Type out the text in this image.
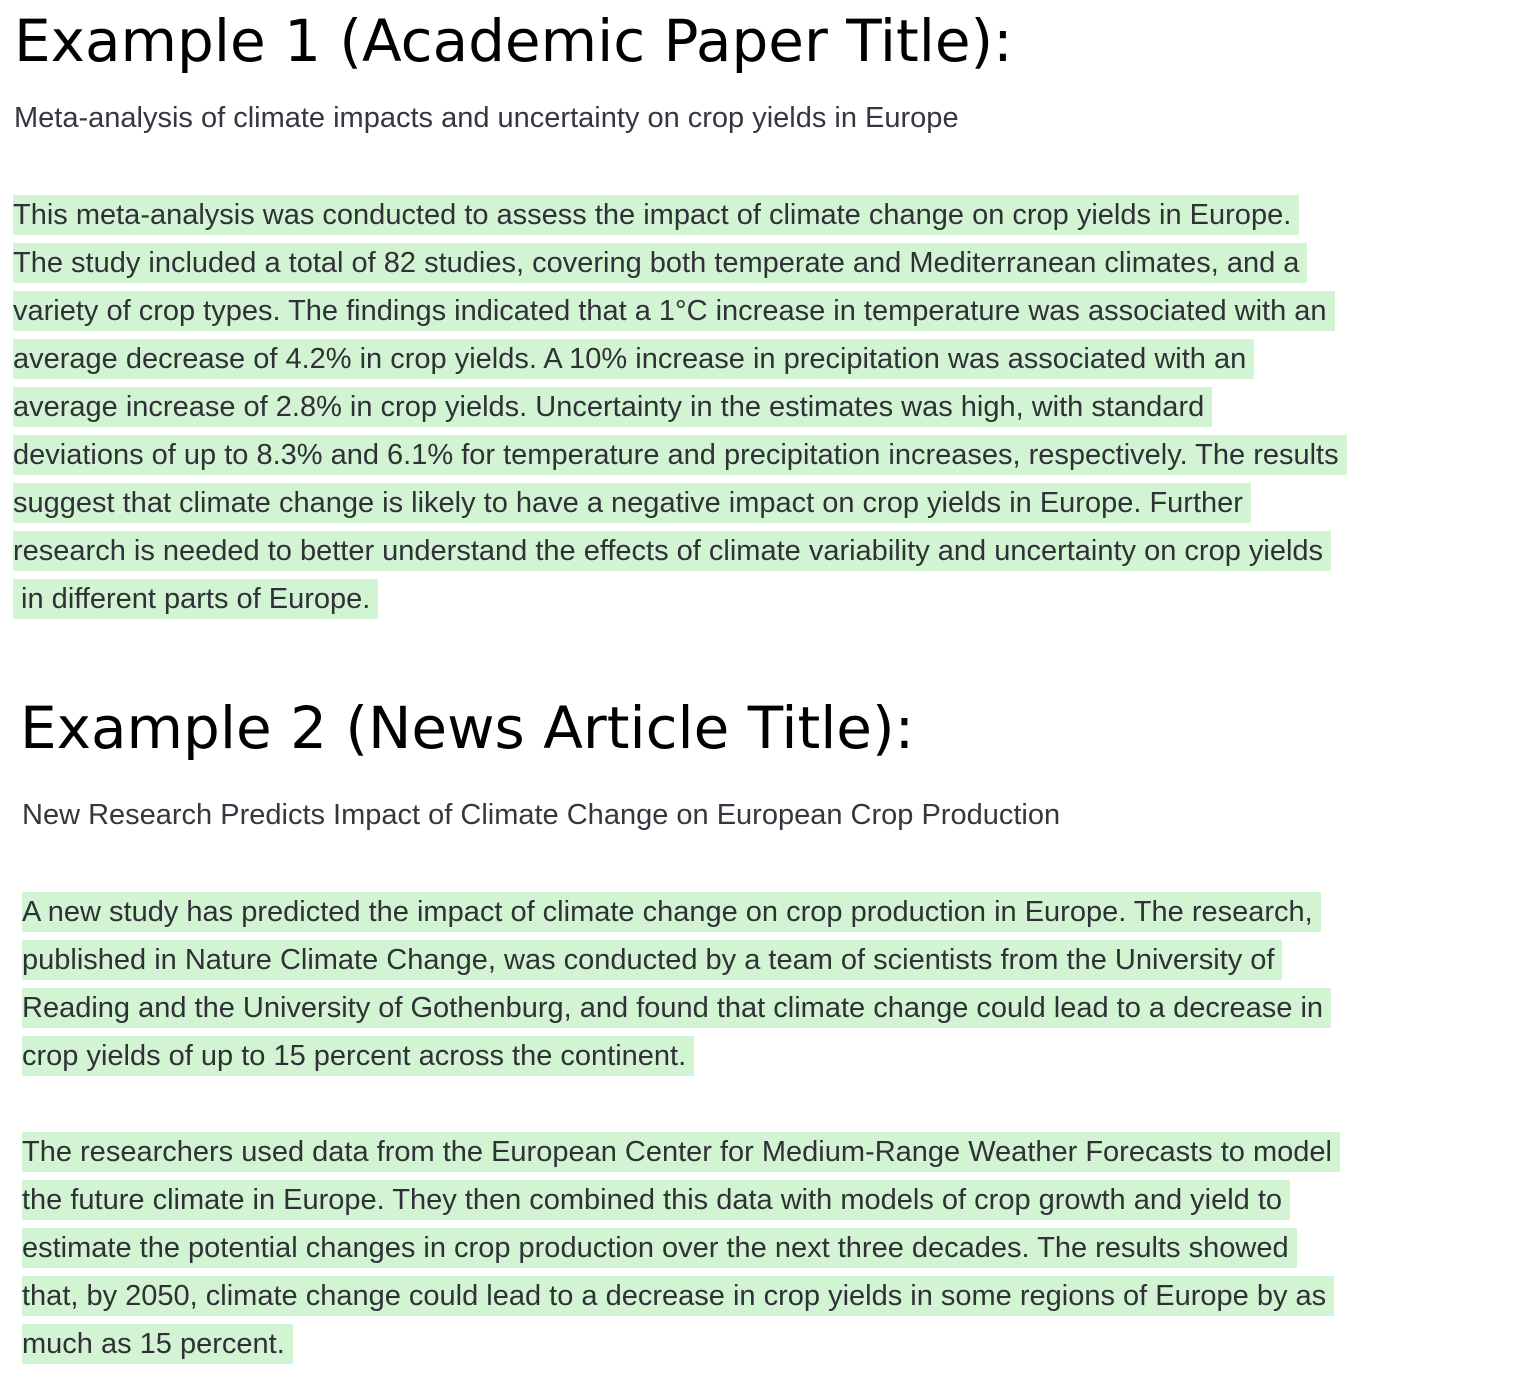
Example 1 (Academic Paper Title):
Meta-analysis of climate impacts and uncertainty on crop yields in Europe
This meta-analysis was conducted to assess the impact of climate change on crop yields in Europe.
The study included a total of 82 studies, covering both temperate and Mediterranean climates, and a
variety of crop types. The findings indicated that a 1°C increase in temperature was associated with an
average decrease of 4.2% in crop yields. A 10% increase in precipitation was associated with an
average increase of 2.8% in crop yields. Uncertainty in the estimates was high, with standard
deviations of up to 8.3% and 6.1% for temperature and precipitation increases, respectively. The results
suggest that climate change is likely to have a negative impact on crop yields in Europe. Further
research is needed to better understand the effects of climate variability and uncertainty on crop yields
in different parts of Europe.
Example 2 (News Article Title):
New Research Predicts Impact of Climate Change on European Crop Production
A new study has predicted the impact of climate change on crop production in Europe. The research,
published in Nature Climate Change, was conducted by a team of scientists from the University of
Reading and the University of Gothenburg, and found that climate change could lead to a decrease in
crop yields of up to 15 percent across the continent.
The researchers used data from the European Center for Medium-Range Weather Forecasts to model
the future climate in Europe. They then combined this data with models of crop growth and yield to
estimate the potential changes in crop production over the next three decades. The results showed
that, by 2050, climate change could lead to a decrease in crop yields in some regions of Europe by as
much as 15 percent.
